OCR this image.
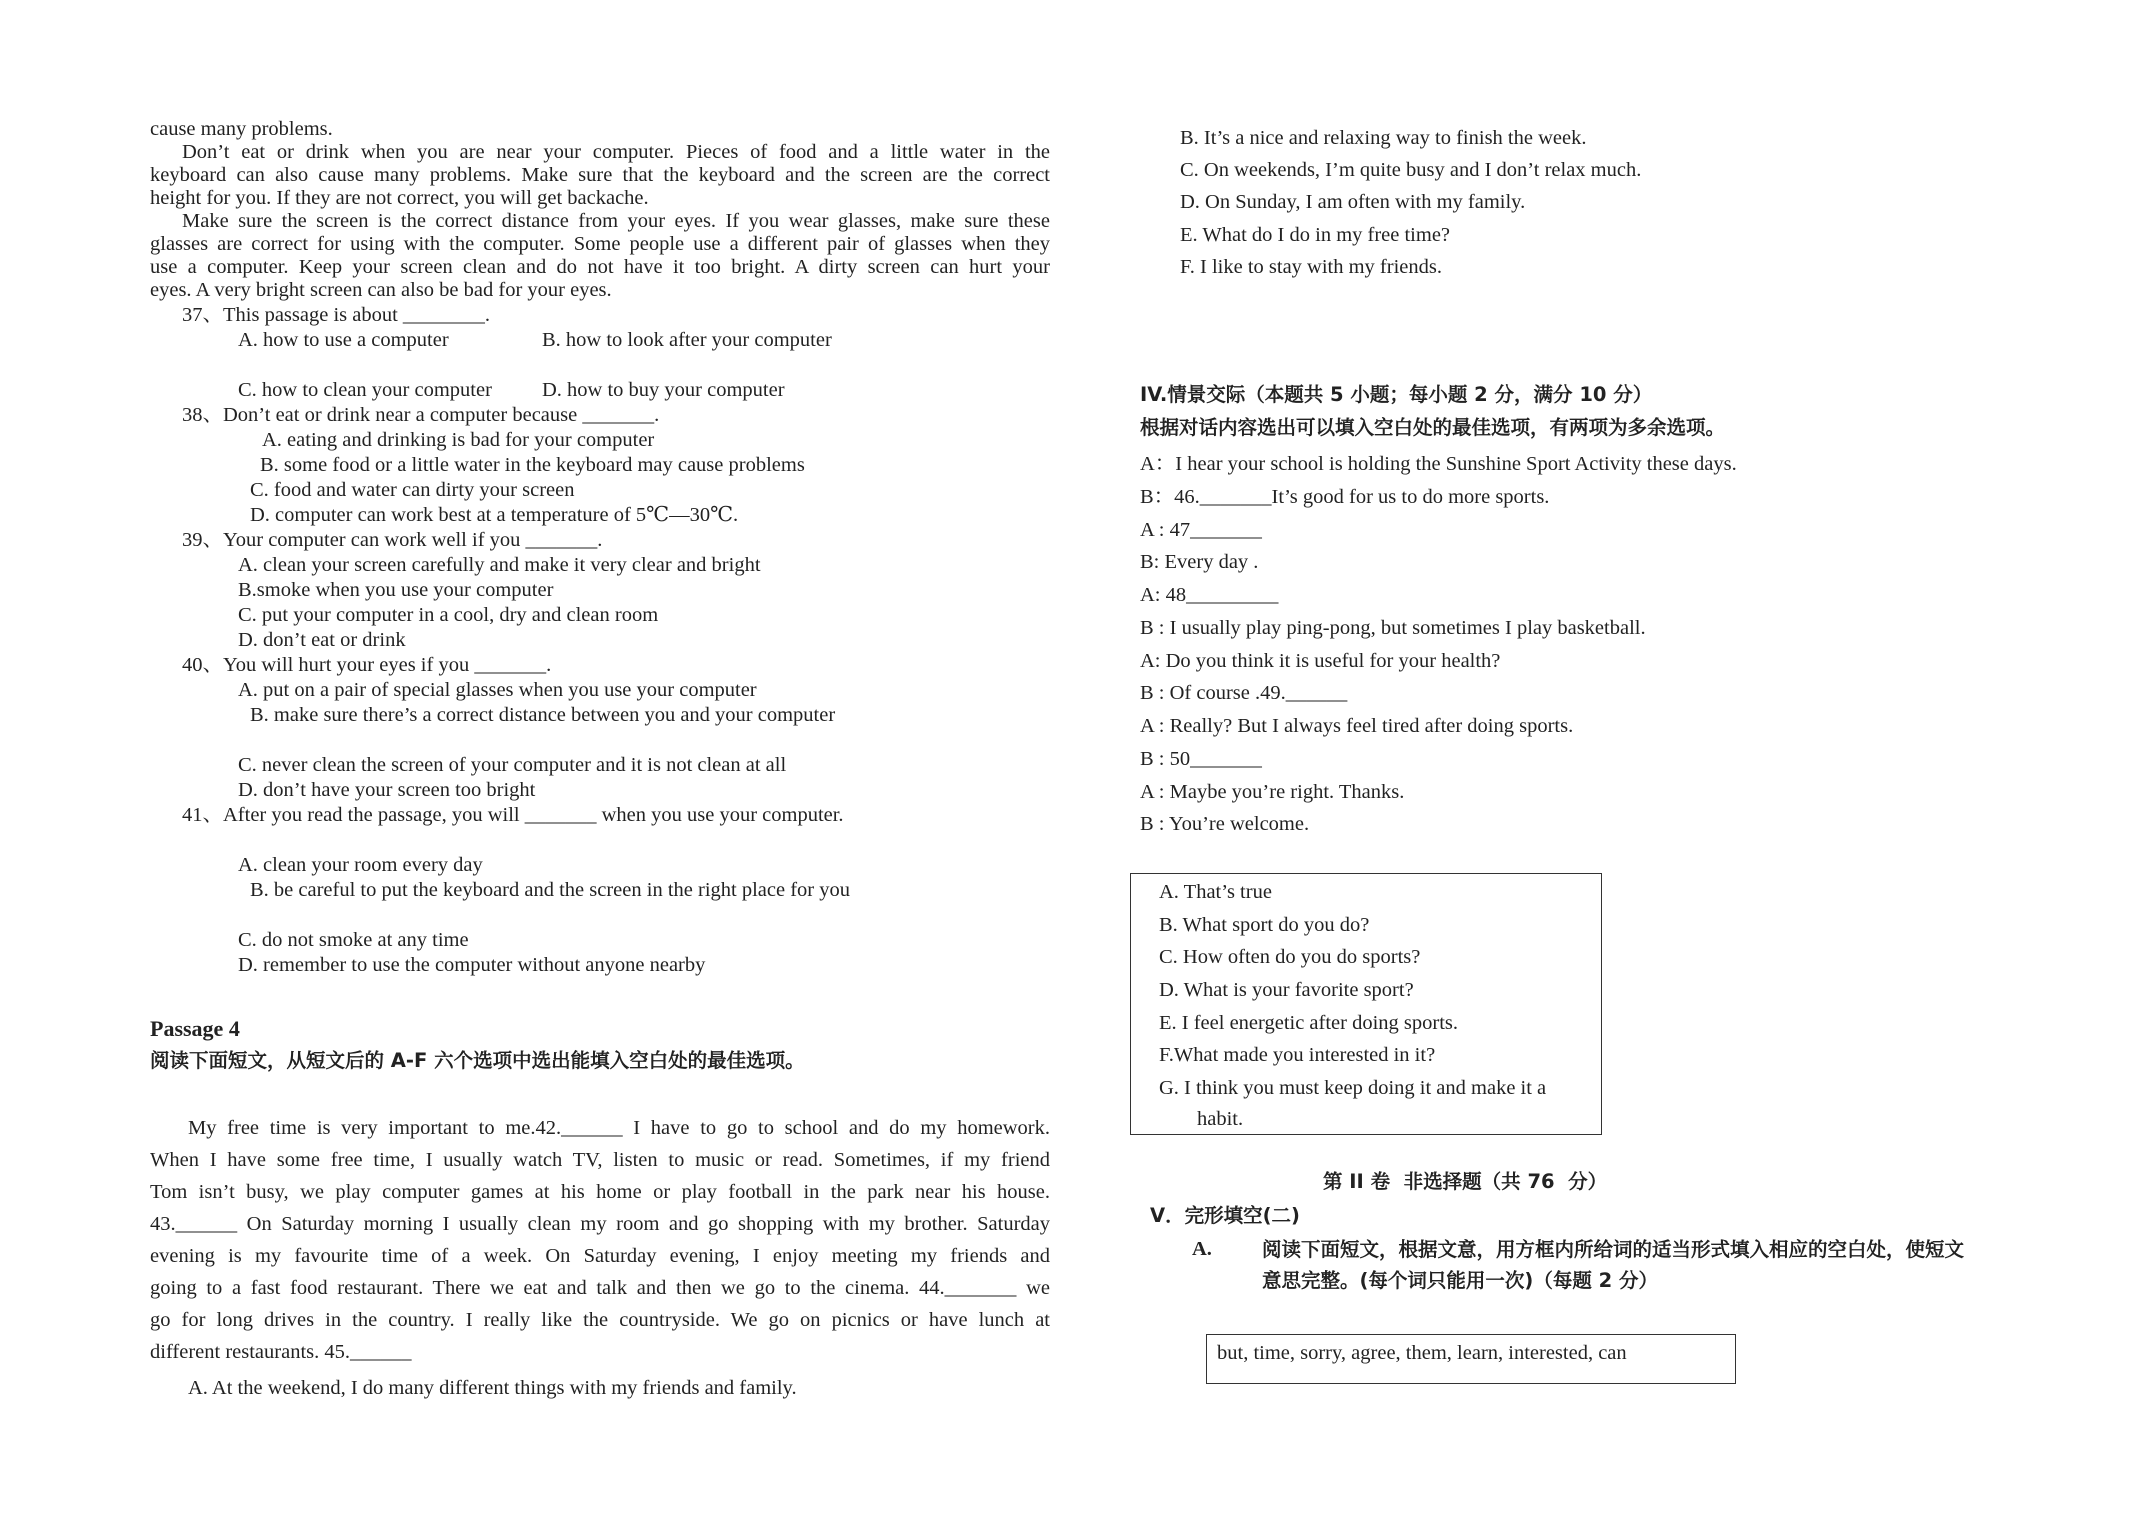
cause many problems.
Don’t eat or drink when you are near your computer. Pieces of food and a little water in the
keyboard can also cause many problems. Make sure that the keyboard and the screen are the correct
height for you. If they are not correct, you will get backache.
Make sure the screen is the correct distance from your eyes. If you wear glasses, make sure these
glasses are correct for using with the computer. Some people use a different pair of glasses when they
use a computer. Keep your screen clean and do not have it too bright. A dirty screen can hurt your
eyes. A very bright screen can also be bad for your eyes.
37、This passage is about ________.
A. how to use a computer	B. how to look after your computer
C. how to clean your computer D. how to buy your computer
38、Don’t eat or drink near a computer because _______.
A. eating and drinking is bad for your computer
B. some food or a little water in the keyboard may cause problems
C. food and water can dirty your screen
D. computer can work best at a temperature of 5℃—30℃.
39、Your computer can work well if you _______.
A. clean your screen carefully and make it very clear and bright
B.smoke when you use your computer
C. put your computer in a cool, dry and clean room
D. don’t eat or drink
40、You will hurt your eyes if you _______.
A. put on a pair of special glasses when you use your computer
B. make sure there’s a correct distance between you and your computer
C. never clean the screen of your computer and it is not clean at all
D. don’t have your screen too bright
41、After you read the passage, you will _______ when you use your computer.
A. clean your room every day
B. be careful to put the keyboard and the screen in the right place for you
C. do not smoke at any time
D. remember to use the computer without anyone nearby
Passage 4
阅读下面短文，从短文后的 A-F 六个选项中选出能填入空白处的最佳选项。
My free time is very important to me.42.______ I have to go to school and do my homework.
When I have some free time, I usually watch TV, listen to music or read. Sometimes, if my friend
Tom isn’t busy, we play computer games at his home or play football in the park near his house.
43.______ On Saturday morning I usually clean my room and go shopping with my brother. Saturday
evening is my favourite time of a week. On Saturday evening, I enjoy meeting my friends and
going to a fast food restaurant. There we eat and talk and then we go to the cinema. 44._______ we
go for long drives in the country. I really like the countryside. We go on picnics or have lunch at
different restaurants. 45.______
A. At the weekend, I do many different things with my friends and family.
B. It’s a nice and relaxing way to finish the week.
C. On weekends, I’m quite busy and I don’t relax much.
D. On Sunday, I am often with my family.
E. What do I do in my free time?
F. I like to stay with my friends.
IV.情景交际（本题共 5 小题；每小题 2 分，满分 10 分）
根据对话内容选出可以填入空白处的最佳选项，有两项为多余选项。
A：I hear your school is holding the Sunshine Sport Activity these days.
B：46._______It’s good for us to do more sports.
A : 47_______
B: Every day .
A: 48_________
B : I usually play ping-pong, but sometimes I play basketball.
A: Do you think it is useful for your health?
B : Of course .49.______
A : Really? But I always feel tired after doing sports.
B : 50_______
A : Maybe you’re right. Thanks.
B : You’re welcome.
A. That’s true
B. What sport do you do?
C. How often do you do sports?
D. What is your favorite sport?
E. I feel energetic after doing sports.
F.What made you interested in it?
G. I think you must keep doing it and make it a
habit.
第 II 卷  非选择题（共 76  分）
V．完形填空(二)
A.	阅读下面短文，根据文意，用方框内所给词的适当形式填入相应的空白处，使短文
意思完整。(每个词只能用一次)（每题 2 分）
but, time, sorry, agree, them, learn, interested, can
